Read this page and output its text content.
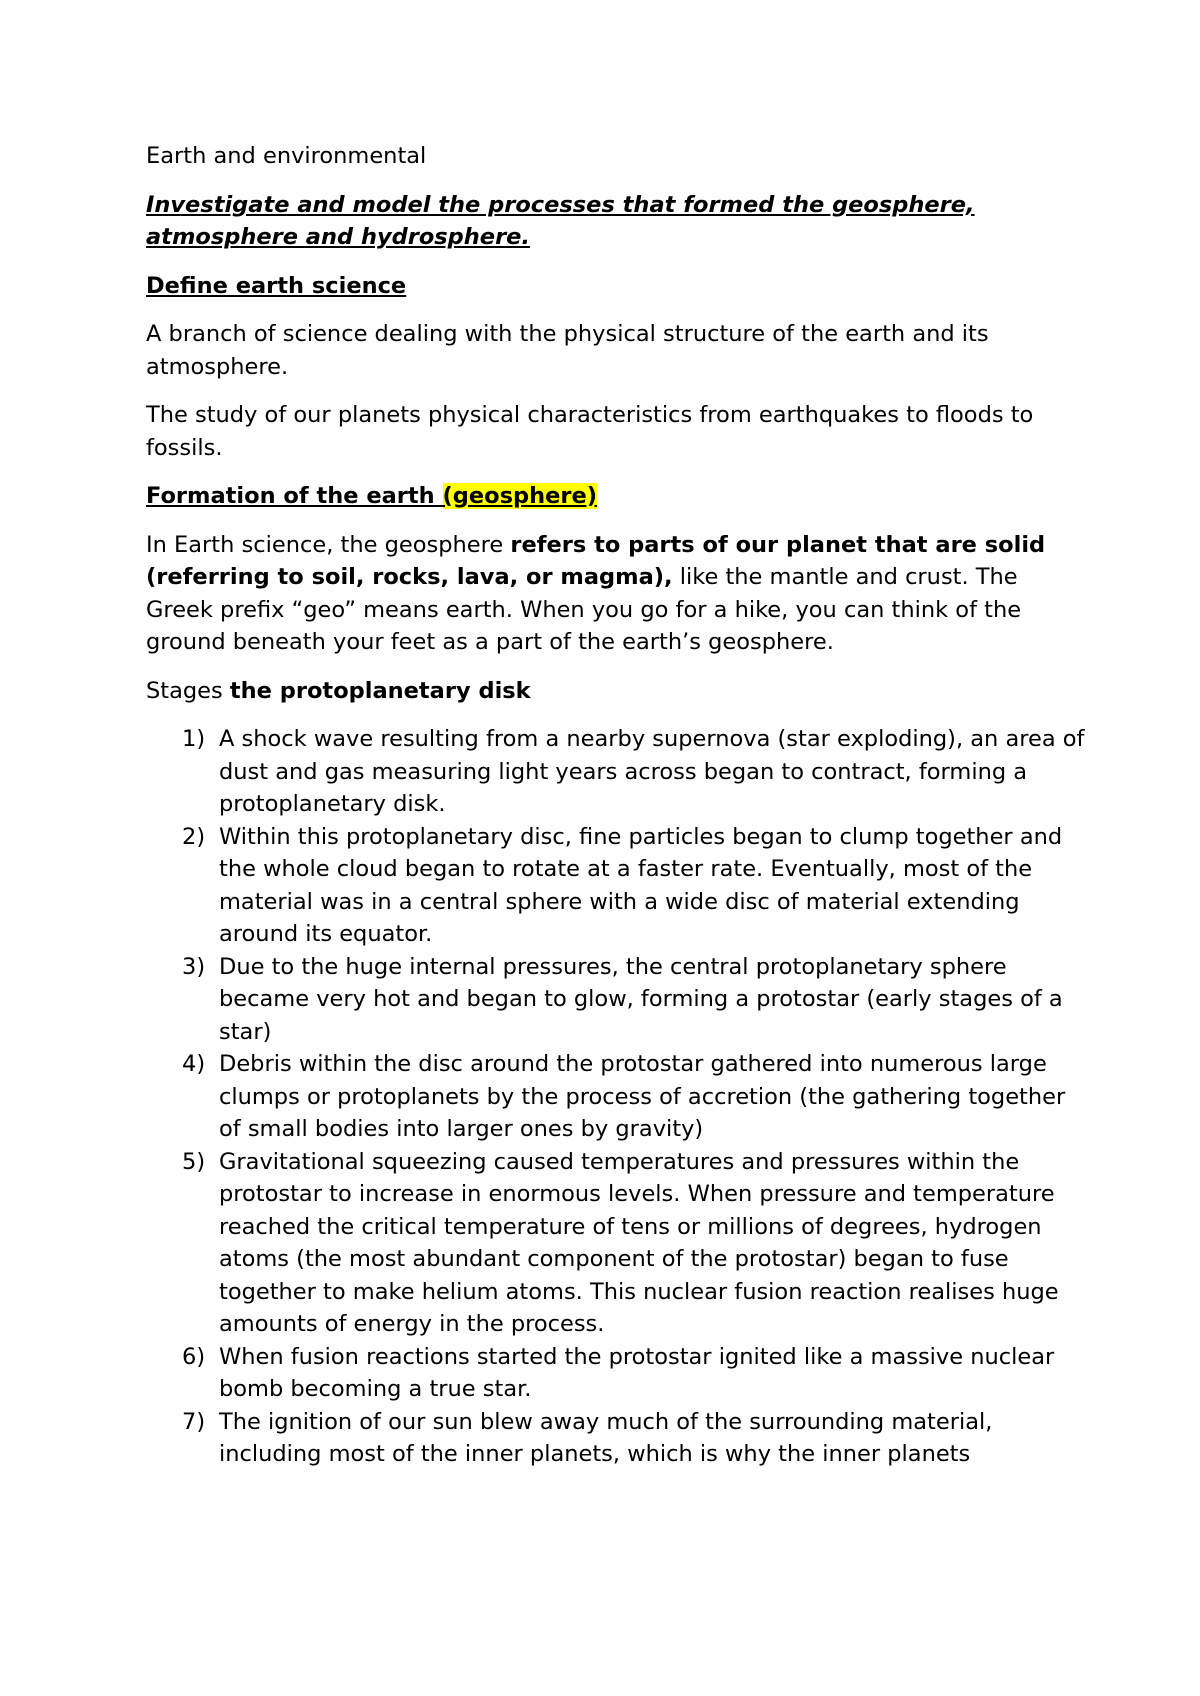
Earth and environmental

Investigate and model the processes that formed the geosphere, atmosphere and hydrosphere.

Define earth science

A branch of science dealing with the physical structure of the earth and its atmosphere.

The study of our planets physical characteristics from earthquakes to floods to fossils.

Formation of the earth (geosphere)

In Earth science, the geosphere refers to parts of our planet that are solid (referring to soil, rocks, lava, or magma), like the mantle and crust. The Greek prefix “geo” means earth. When you go for a hike, you can think of the ground beneath your feet as a part of the earth’s geosphere.

Stages the protoplanetary disk

1) A shock wave resulting from a nearby supernova (star exploding), an area of dust and gas measuring light years across began to contract, forming a protoplanetary disk.
2) Within this protoplanetary disc, fine particles began to clump together and the whole cloud began to rotate at a faster rate. Eventually, most of the material was in a central sphere with a wide disc of material extending around its equator.
3) Due to the huge internal pressures, the central protoplanetary sphere became very hot and began to glow, forming a protostar (early stages of a star)
4) Debris within the disc around the protostar gathered into numerous large clumps or protoplanets by the process of accretion (the gathering together of small bodies into larger ones by gravity)
5) Gravitational squeezing caused temperatures and pressures within the protostar to increase in enormous levels. When pressure and temperature reached the critical temperature of tens or millions of degrees, hydrogen atoms (the most abundant component of the protostar) began to fuse together to make helium atoms. This nuclear fusion reaction realises huge amounts of energy in the process.
6) When fusion reactions started the protostar ignited like a massive nuclear bomb becoming a true star.
7) The ignition of our sun blew away much of the surrounding material, including most of the inner planets, which is why the inner planets
